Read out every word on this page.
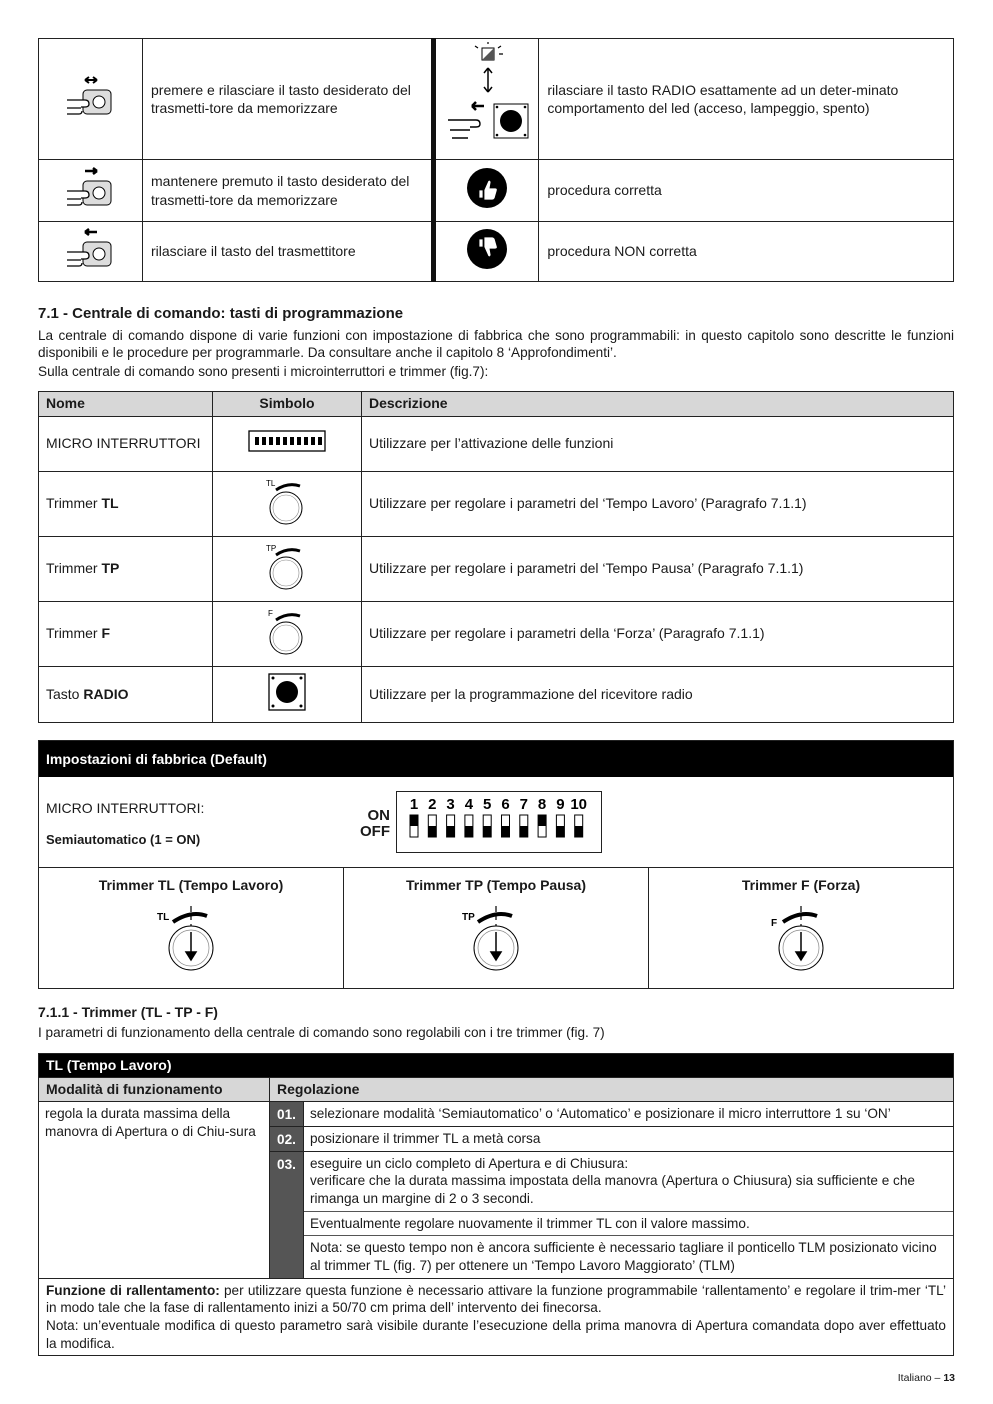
	premere e rilasciare il tasto desiderato del trasmetti-tore da memorizzare		rilasciare il tasto RADIO esattamente ad un deter-minato comportamento del led (acceso, lampeggio, spento)
	mantenere premuto il tasto desiderato del trasmetti-tore da memorizzare		procedura corretta
	rilasciare il tasto del trasmettitore		procedura NON corretta
7.1 - Centrale di comando: tasti di programmazione

La centrale di comando dispone di varie funzioni con impostazione di fabbrica che sono programmabili: in questo capitolo sono descritte le funzioni disponibili e le procedure per programmarle. Da consultare anche il capitolo 8 ‘Approfondimenti’.

Sulla centrale di comando sono presenti i microinterruttori e trimmer (fig.7):

Nome	Simbolo	Descrizione
MICRO INTERRUTTORI		Utilizzare per l’attivazione delle funzioni
Trimmer TL	TL	Utilizzare per regolare i parametri del ‘Tempo Lavoro’ (Paragrafo 7.1.1)
Trimmer TP	TP	Utilizzare per regolare i parametri del ‘Tempo Pausa’ (Paragrafo 7.1.1)
Trimmer F	F	Utilizzare per regolare i parametri della ‘Forza’ (Paragrafo 7.1.1)
Tasto RADIO		Utilizzare per la programmazione del ricevitore radio
Impostazioni di fabbrica (Default)
MICRO INTERRUTTORI:
Semiautomatico (1 = ON)
ON
OFF
1 2 3 4 5 6 7 8 9 10
Trimmer TL (Tempo Lavoro)
TL
Trimmer TP (Tempo Pausa)
TP
Trimmer F (Forza)
F
7.1.1 - Trimmer (TL - TP - F)

I parametri di funzionamento della centrale di comando sono regolabili con i tre trimmer (fig. 7)

TL (Tempo Lavoro)		
Modalità di funzionamento	Regolazione	
regola la durata massima della manovra di Apertura o di Chiu-sura	01.	selezionare modalità ‘Semiautomatico’ o ‘Automatico’ e posizionare il micro interruttore 1 su ‘ON’
	02.	posizionare il trimmer TL a metà corsa
	03.	eseguire un ciclo completo di Apertura e di Chiusura:
verificare che la durata massima impostata della manovra (Apertura o Chiusura) sia sufficiente e che rimanga un margine di 2 o 3 secondi.
Eventualmente regolare nuovamente il trimmer TL con il valore massimo.
Nota: se questo tempo non è ancora sufficiente è necessario tagliare il ponticello TLM posizionato vicino al trimmer TL (fig. 7) per ottenere un ‘Tempo Lavoro Maggiorato’ (TLM)

Funzione di rallentamento: per utilizzare questa funzione è necessario attivare la funzione programmabile ‘rallentamento’ e regolare il trim-mer ‘TL’ in modo tale che la fase di rallentamento inizi a 50/70 cm prima dell’ intervento dei finecorsa.
Nota: un’eventuale modifica di questo parametro sarà visibile durante l’esecuzione della prima manovra di Apertura comandata dopo aver effettuato la modifica.		
Italiano – 13
